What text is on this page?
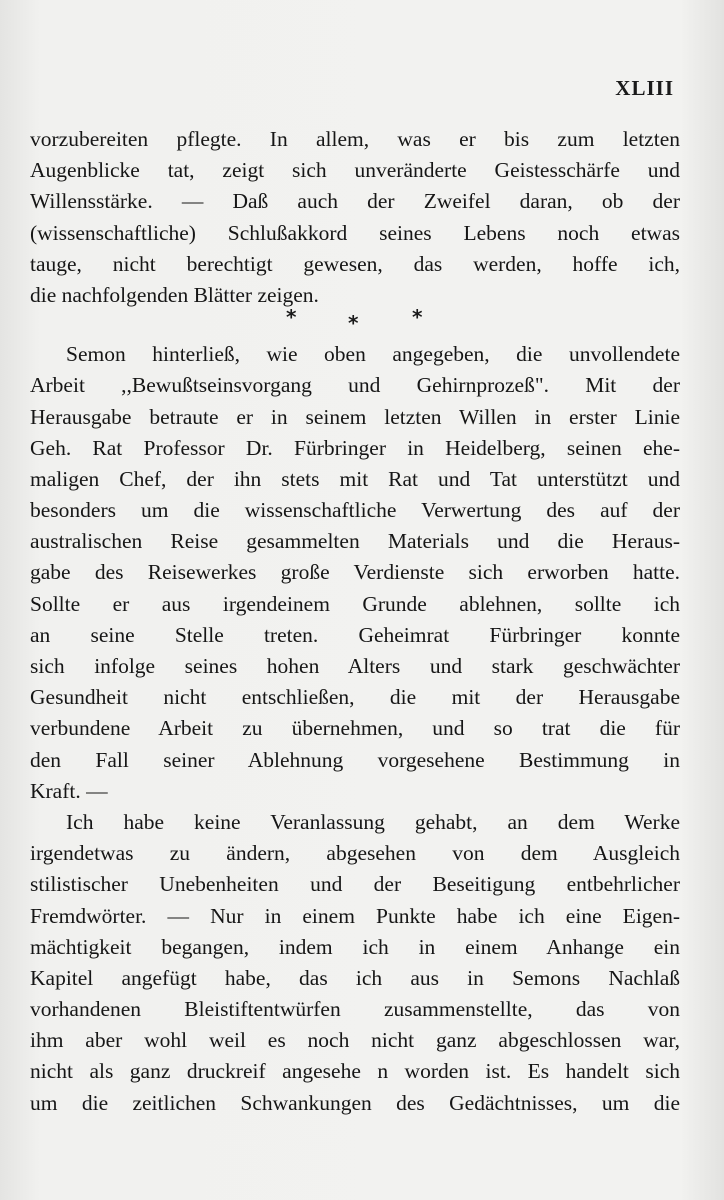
XLIII
vorzubereiten pflegte. In allem, was er bis zum letzten
Augenblicke tat, zeigt sich unveränderte Geistesschärfe und
Willensstärke. — Daß auch der Zweifel daran, ob der
(wissenschaftliche) Schlußakkord seines Lebens noch etwas
tauge, nicht berechtigt gewesen, das werden, hoffe ich,
die nachfolgenden Blätter zeigen.
*	*	*
Semon hinterließ, wie oben angegeben, die unvollendete
Arbeit ,,Bewußtseinsvorgang und Gehirnprozeß". Mit der
Herausgabe betraute er in seinem letzten Willen in erster Linie
Geh. Rat Professor Dr. Fürbringer in Heidelberg, seinen ehe-
maligen Chef, der ihn stets mit Rat und Tat unterstützt und
besonders um die wissenschaftliche Verwertung des auf der
australischen Reise gesammelten Materials und die Heraus-
gabe des Reisewerkes große Verdienste sich erworben hatte.
Sollte er aus irgendeinem Grunde ablehnen, sollte ich
an seine Stelle treten. Geheimrat Fürbringer konnte
sich infolge seines hohen Alters und stark geschwächter
Gesundheit nicht entschließen, die mit der Herausgabe
verbundene Arbeit zu übernehmen, und so trat die für
den Fall seiner Ablehnung vorgesehene Bestimmung in
Kraft. —
Ich habe keine Veranlassung gehabt, an dem Werke
irgendetwas zu ändern, abgesehen von dem Ausgleich
stilistischer Unebenheiten und der Beseitigung entbehrlicher
Fremdwörter. — Nur in einem Punkte habe ich eine Eigen-
mächtigkeit begangen, indem ich in einem Anhange ein
Kapitel angefügt habe, das ich aus in Semons Nachlaß
vorhandenen Bleistiftentwürfen zusammenstellte, das von
ihm aber wohl weil es noch nicht ganz abgeschlossen war,
nicht als ganz druckreif angesehe n worden ist. Es handelt sich
um die zeitlichen Schwankungen des Gedächtnisses, um die
